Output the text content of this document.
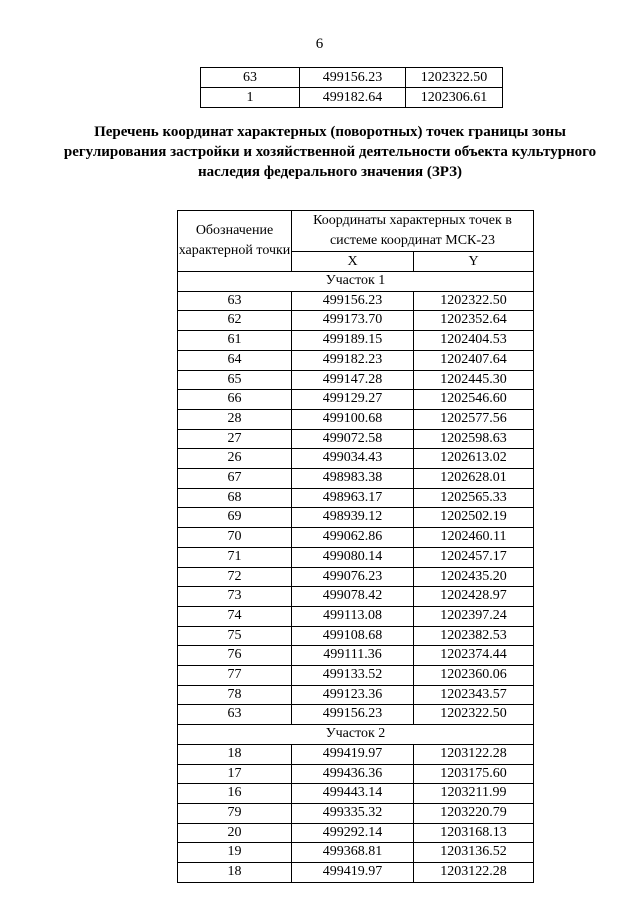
6
63	499156.23	1202322.50
1	499182.64	1202306.61
Перечень координат характерных (поворотных) точек границы зоны регулирования застройки и хозяйственной деятельности объекта культурного наследия федерального значения (ЗРЗ)
Обозначение характерной точки	Координаты характерных точек в системе координат МСК-23	
	X	Y
Участок 1		
63	499156.23	1202322.50
62	499173.70	1202352.64
61	499189.15	1202404.53
64	499182.23	1202407.64
65	499147.28	1202445.30
66	499129.27	1202546.60
28	499100.68	1202577.56
27	499072.58	1202598.63
26	499034.43	1202613.02
67	498983.38	1202628.01
68	498963.17	1202565.33
69	498939.12	1202502.19
70	499062.86	1202460.11
71	499080.14	1202457.17
72	499076.23	1202435.20
73	499078.42	1202428.97
74	499113.08	1202397.24
75	499108.68	1202382.53
76	499111.36	1202374.44
77	499133.52	1202360.06
78	499123.36	1202343.57
63	499156.23	1202322.50
Участок 2		
18	499419.97	1203122.28
17	499436.36	1203175.60
16	499443.14	1203211.99
79	499335.32	1203220.79
20	499292.14	1203168.13
19	499368.81	1203136.52
18	499419.97	1203122.28
